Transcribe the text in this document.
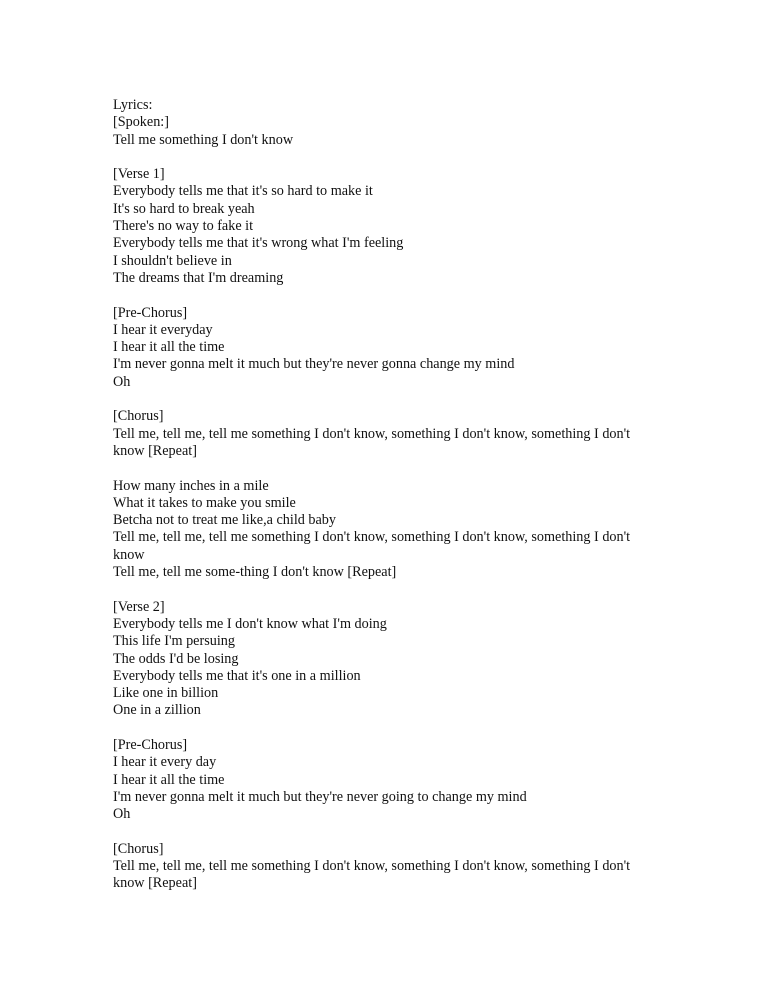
Lyrics:

[Spoken:]

Tell me something I don't know

[Verse 1]

Everybody tells me that it's so hard to make it

It's so hard to break yeah

There's no way to fake it

Everybody tells me that it's wrong what I'm feeling

I shouldn't believe in

The dreams that I'm dreaming

[Pre-Chorus]

I hear it everyday

I hear it all the time

I'm never gonna melt it much but they're never gonna change my mind

Oh

[Chorus]

Tell me, tell me, tell me something I don't know, something I don't know, something I don't

know [Repeat]

How many inches in a mile

What it takes to make you smile

Betcha not to treat me like,a child baby

Tell me, tell me, tell me something I don't know, something I don't know, something I don't

know

Tell me, tell me some-thing I don't know [Repeat]

[Verse 2]

Everybody tells me I don't know what I'm doing

This life I'm persuing

The odds I'd be losing

Everybody tells me that it's one in a million

Like one in billion

One in a zillion

[Pre-Chorus]

I hear it every day

I hear it all the time

I'm never gonna melt it much but they're never going to change my mind

Oh

[Chorus]

Tell me, tell me, tell me something I don't know, something I don't know, something I don't

know [Repeat]
